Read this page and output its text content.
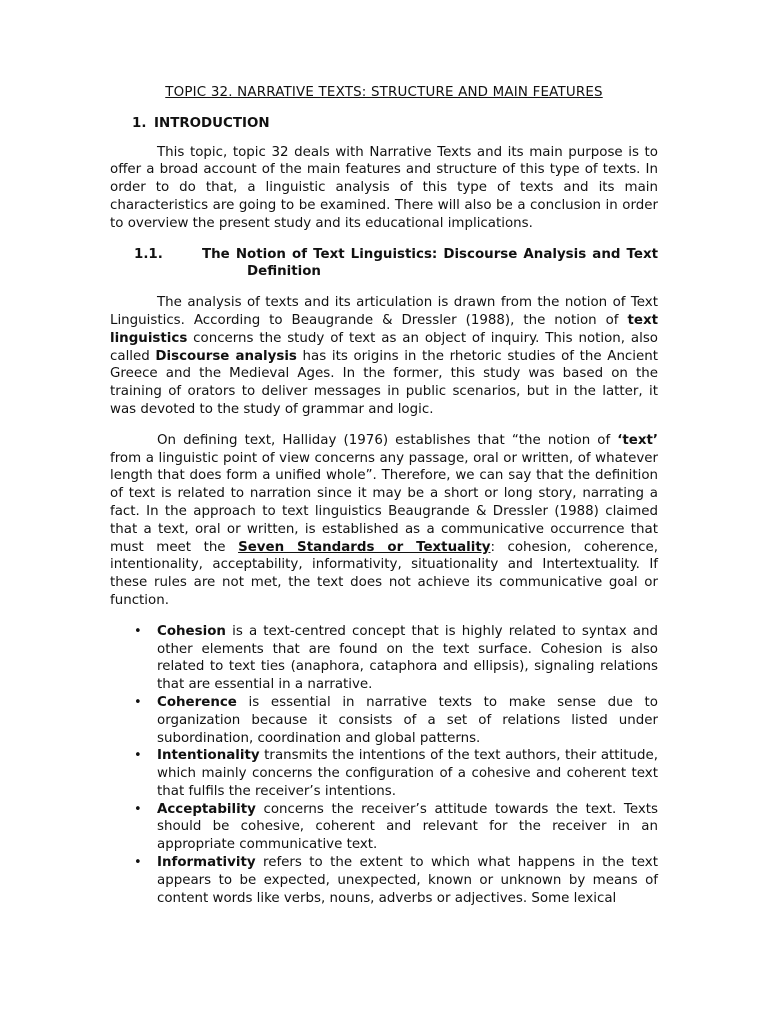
TOPIC 32. NARRATIVE TEXTS: STRUCTURE AND MAIN FEATURES
1. INTRODUCTION

This topic, topic 32 deals with Narrative Texts and its main purpose is to offer a broad account of the main features and structure of this type of texts. In order to do that, a linguistic analysis of this type of texts and its main characteristics are going to be examined. There will also be a conclusion in order to overview the present study and its educational implications.

1.1.	The Notion of Text Linguistics: Discourse Analysis and Text Definition

The analysis of texts and its articulation is drawn from the notion of Text Linguistics. According to Beaugrande & Dressler (1988), the notion of text linguistics concerns the study of text as an object of inquiry. This notion, also called Discourse analysis has its origins in the rhetoric studies of the Ancient Greece and the Medieval Ages. In the former, this study was based on the training of orators to deliver messages in public scenarios, but in the latter, it was devoted to the study of grammar and logic.

On defining text, Halliday (1976) establishes that “the notion of ‘text’ from a linguistic point of view concerns any passage, oral or written, of whatever length that does form a unified whole”. Therefore, we can say that the definition of text is related to narration since it may be a short or long story, narrating a fact. In the approach to text linguistics Beaugrande & Dressler (1988) claimed that a text, oral or written, is established as a communicative occurrence that must meet the Seven Standards or Textuality: cohesion, coherence, intentionality, acceptability, informativity, situationality and Intertextuality. If these rules are not met, the text does not achieve its communicative goal or function.

• Cohesion is a text-centred concept that is highly related to syntax and other elements that are found on the text surface. Cohesion is also related to text ties (anaphora, cataphora and ellipsis), signaling relations that are essential in a narrative.
• Coherence is essential in narrative texts to make sense due to organization because it consists of a set of relations listed under subordination, coordination and global patterns.
• Intentionality transmits the intentions of the text authors, their attitude, which mainly concerns the configuration of a cohesive and coherent text that fulfils the receiver’s intentions.
• Acceptability concerns the receiver’s attitude towards the text. Texts should be cohesive, coherent and relevant for the receiver in an appropriate communicative text.
• Informativity refers to the extent to which what happens in the text appears to be expected, unexpected, known or unknown by means of content words like verbs, nouns, adverbs or adjectives. Some lexical
